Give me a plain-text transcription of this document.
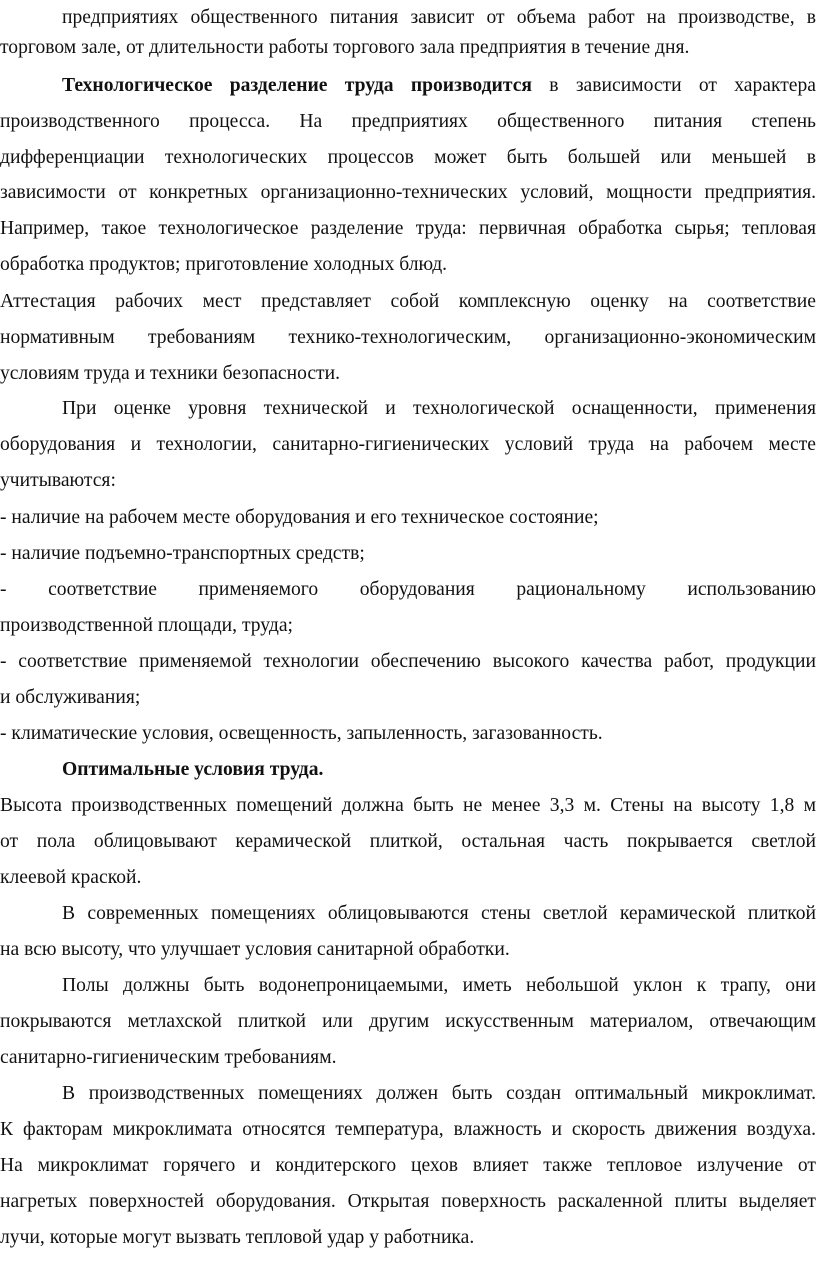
предприятиях общественного питания зависит от объема работ на производстве, в
торговом зале, от длительности работы торгового зала предприятия в течение дня.
Технологическое разделение труда производится в зависимости от характера
производственного процесса. На предприятиях общественного питания степень
дифференциации технологических процессов может быть большей или меньшей в
зависимости от конкретных организационно-технических условий, мощности предприятия.
Например, такое технологическое разделение труда: первичная обработка сырья; тепловая
обработка продуктов; приготовление холодных блюд.
Аттестация рабочих мест представляет собой комплексную оценку на соответствие
нормативным требованиям технико-технологическим, организационно-экономическим
условиям труда и техники безопасности.
При оценке уровня технической и технологической оснащенности, применения
оборудования и технологии, санитарно-гигиенических условий труда на рабочем месте
учитываются:
- наличие на рабочем месте оборудования и его техническое состояние;
- наличие подъемно-транспортных средств;
- соответствие применяемого оборудования рациональному использованию
производственной площади, труда;
- соответствие применяемой технологии обеспечению высокого качества работ, продукции
и обслуживания;
- климатические условия, освещенность, запыленность, загазованность.
Оптимальные условия труда.
Высота производственных помещений должна быть не менее 3,3 м. Стены на высоту 1,8 м
от пола облицовывают керамической плиткой, остальная часть покрывается светлой
клеевой краской.
В современных помещениях облицовываются стены светлой керамической плиткой
на всю высоту, что улучшает условия санитарной обработки.
Полы должны быть водонепроницаемыми, иметь небольшой уклон к трапу, они
покрываются метлахской плиткой или другим искусственным материалом, отвечающим
санитарно-гигиеническим требованиям.
В производственных помещениях должен быть создан оптимальный микроклимат.
К факторам микроклимата относятся температура, влажность и скорость движения воздуха.
На микроклимат горячего и кондитерского цехов влияет также тепловое излучение от
нагретых поверхностей оборудования. Открытая поверхность раскаленной плиты выделяет
лучи, которые могут вызвать тепловой удар у работника.
